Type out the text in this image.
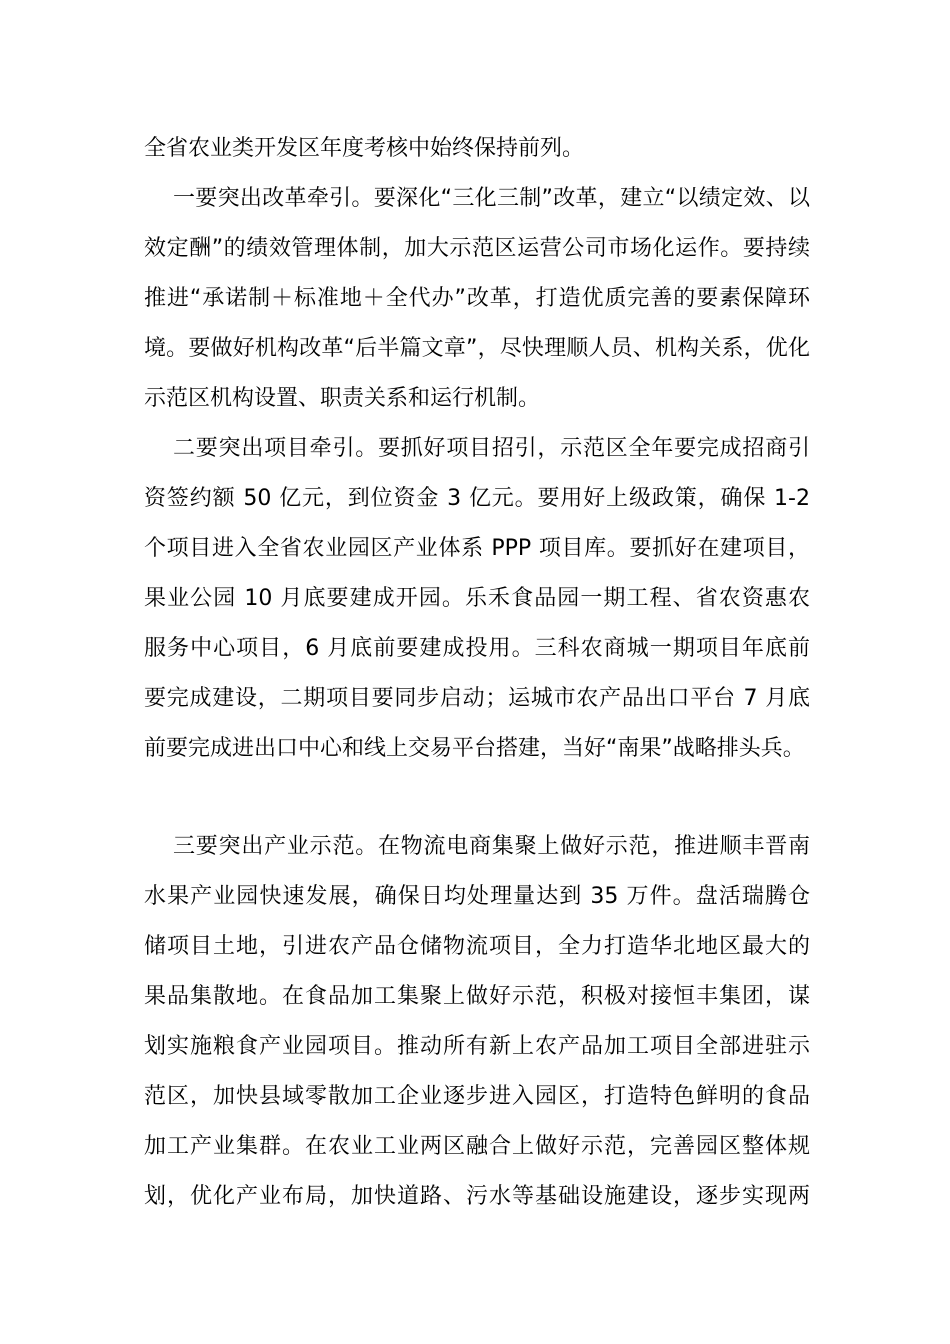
全省农业类开发区年度考核中始终保持前列。
一要突出改革牵引。要深化“三化三制”改革，建立“以绩定效、以
效定酬”的绩效管理体制，加大示范区运营公司市场化运作。要持续
推进“承诺制＋标准地＋全代办”改革，打造优质完善的要素保障环
境。要做好机构改革“后半篇文章”，尽快理顺人员、机构关系，优化
示范区机构设置、职责关系和运行机制。
二要突出项目牵引。要抓好项目招引，示范区全年要完成招商引
资签约额 50 亿元，到位资金 3 亿元。要用好上级政策，确保 1-2
个项目进入全省农业园区产业体系 PPP 项目库。要抓好在建项目，
果业公园 10 月底要建成开园。乐禾食品园一期工程、省农资惠农
服务中心项目，6 月底前要建成投用。三科农商城一期项目年底前
要完成建设，二期项目要同步启动；运城市农产品出口平台 7 月底
前要完成进出口中心和线上交易平台搭建，当好“南果”战略排头兵。
三要突出产业示范。在物流电商集聚上做好示范，推进顺丰晋南
水果产业园快速发展，确保日均处理量达到 35 万件。盘活瑞腾仓
储项目土地，引进农产品仓储物流项目，全力打造华北地区最大的
果品集散地。在食品加工集聚上做好示范，积极对接恒丰集团，谋
划实施粮食产业园项目。推动所有新上农产品加工项目全部进驻示
范区，加快县域零散加工企业逐步进入园区，打造特色鲜明的食品
加工产业集群。在农业工业两区融合上做好示范，完善园区整体规
划，优化产业布局，加快道路、污水等基础设施建设，逐步实现两
